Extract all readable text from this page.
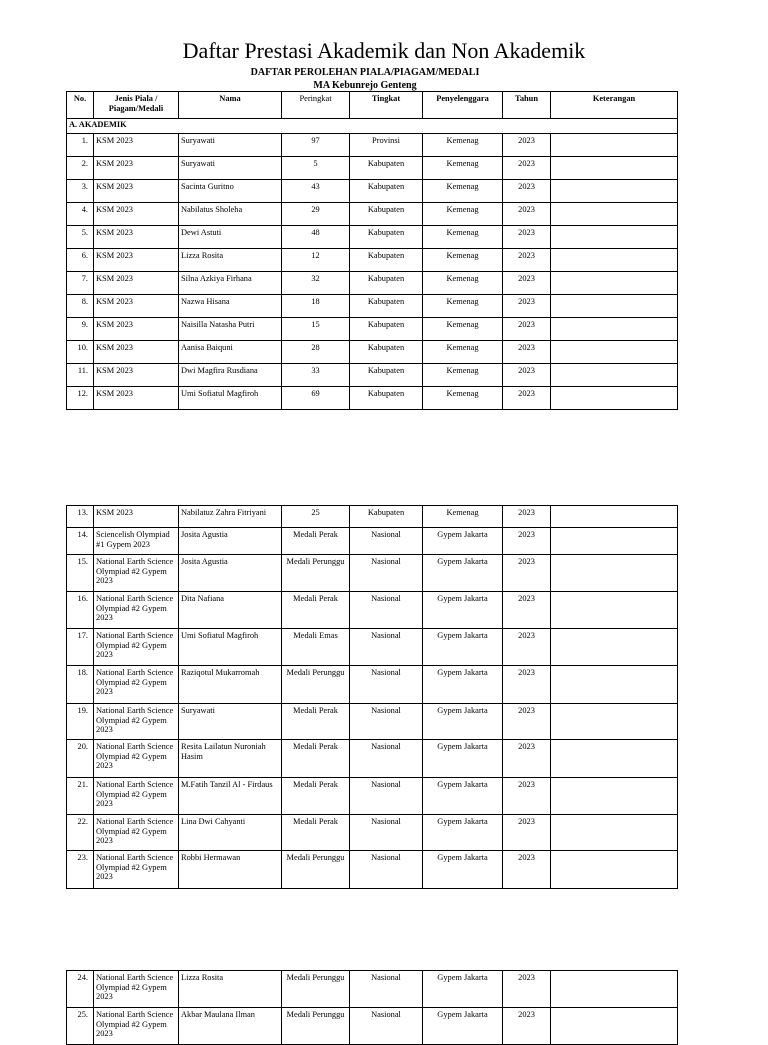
Daftar Prestasi Akademik dan Non Akademik
DAFTAR PEROLEHAN PIALA/PIAGAM/MEDALI
MA Kebunrejo Genteng
No.	Jenis Piala / Piagam/Medali	Nama	Peringkat	Tingkat	Penyelenggara	Tahun	Keterangan
A. AKADEMIK							
1.	KSM 2023	Suryawati	97	Provinsi	Kemenag	2023	
2.	KSM 2023	Suryawati	5	Kabupaten	Kemenag	2023	
3.	KSM 2023	Sacinta Guritno	43	Kabupaten	Kemenag	2023	
4.	KSM 2023	Nabilatus Sholeha	29	Kabupaten	Kemenag	2023	
5.	KSM 2023	Dewi Astuti	48	Kabupaten	Kemenag	2023	
6.	KSM 2023	Lizza Rosita	12	Kabupaten	Kemenag	2023	
7.	KSM 2023	Silna Azkiya Firhana	32	Kabupaten	Kemenag	2023	
8.	KSM 2023	Nazwa Hisana	18	Kabupaten	Kemenag	2023	
9.	KSM 2023	Naisilla Natasha Putri	15	Kabupaten	Kemenag	2023	
10.	KSM 2023	Aanisa Baiquni	28	Kabupaten	Kemenag	2023	
11.	KSM 2023	Dwi Magfira Rusdiana	33	Kabupaten	Kemenag	2023	
12.	KSM 2023	Umi Sofiatul Magfiroh	69	Kabupaten	Kemenag	2023	
13.	KSM 2023	Nabilatuz Zahra Fitriyani	25	Kabupaten	Kemenag	2023	
14.	Sciencelish Olympiad #1 Gypem 2023	Josita Agustia	Medali Perak	Nasional	Gypem Jakarta	2023	
15.	National Earth Science Olympiad #2 Gypem 2023	Josita Agustia	Medali Perunggu	Nasional	Gypem Jakarta	2023	
16.	National Earth Science Olympiad #2 Gypem 2023	Dita Nafiana	Medali Perak	Nasional	Gypem Jakarta	2023	
17.	National Earth Science Olympiad #2 Gypem 2023	Umi Sofiatul Magfiroh	Medali Emas	Nasional	Gypem Jakarta	2023	
18.	National Earth Science Olympiad #2 Gypem 2023	Raziqotul Mukarromah	Medali Perunggu	Nasional	Gypem Jakarta	2023	
19.	National Earth Science Olympiad #2 Gypem 2023	Suryawati	Medali Perak	Nasional	Gypem Jakarta	2023	
20.	National Earth Science Olympiad #2 Gypem 2023	Resita Lailatun Nuroniah Hasim	Medali Perak	Nasional	Gypem Jakarta	2023	
21.	National Earth Science Olympiad #2 Gypem 2023	M.Fatih Tanzil Al - Firdaus	Medali Perak	Nasional	Gypem Jakarta	2023	
22.	National Earth Science Olympiad #2 Gypem 2023	Lina Dwi Cahyanti	Medali Perak	Nasional	Gypem Jakarta	2023	
23.	National Earth Science Olympiad #2 Gypem 2023	Robbi Hermawan	Medali Perunggu	Nasional	Gypem Jakarta	2023	
24.	National Earth Science Olympiad #2 Gypem 2023	Lizza Rosita	Medali Perunggu	Nasional	Gypem Jakarta	2023	
25.	National Earth Science Olympiad #2 Gypem 2023	Akbar Maulana Ilman	Medali Perunggu	Nasional	Gypem Jakarta	2023	
